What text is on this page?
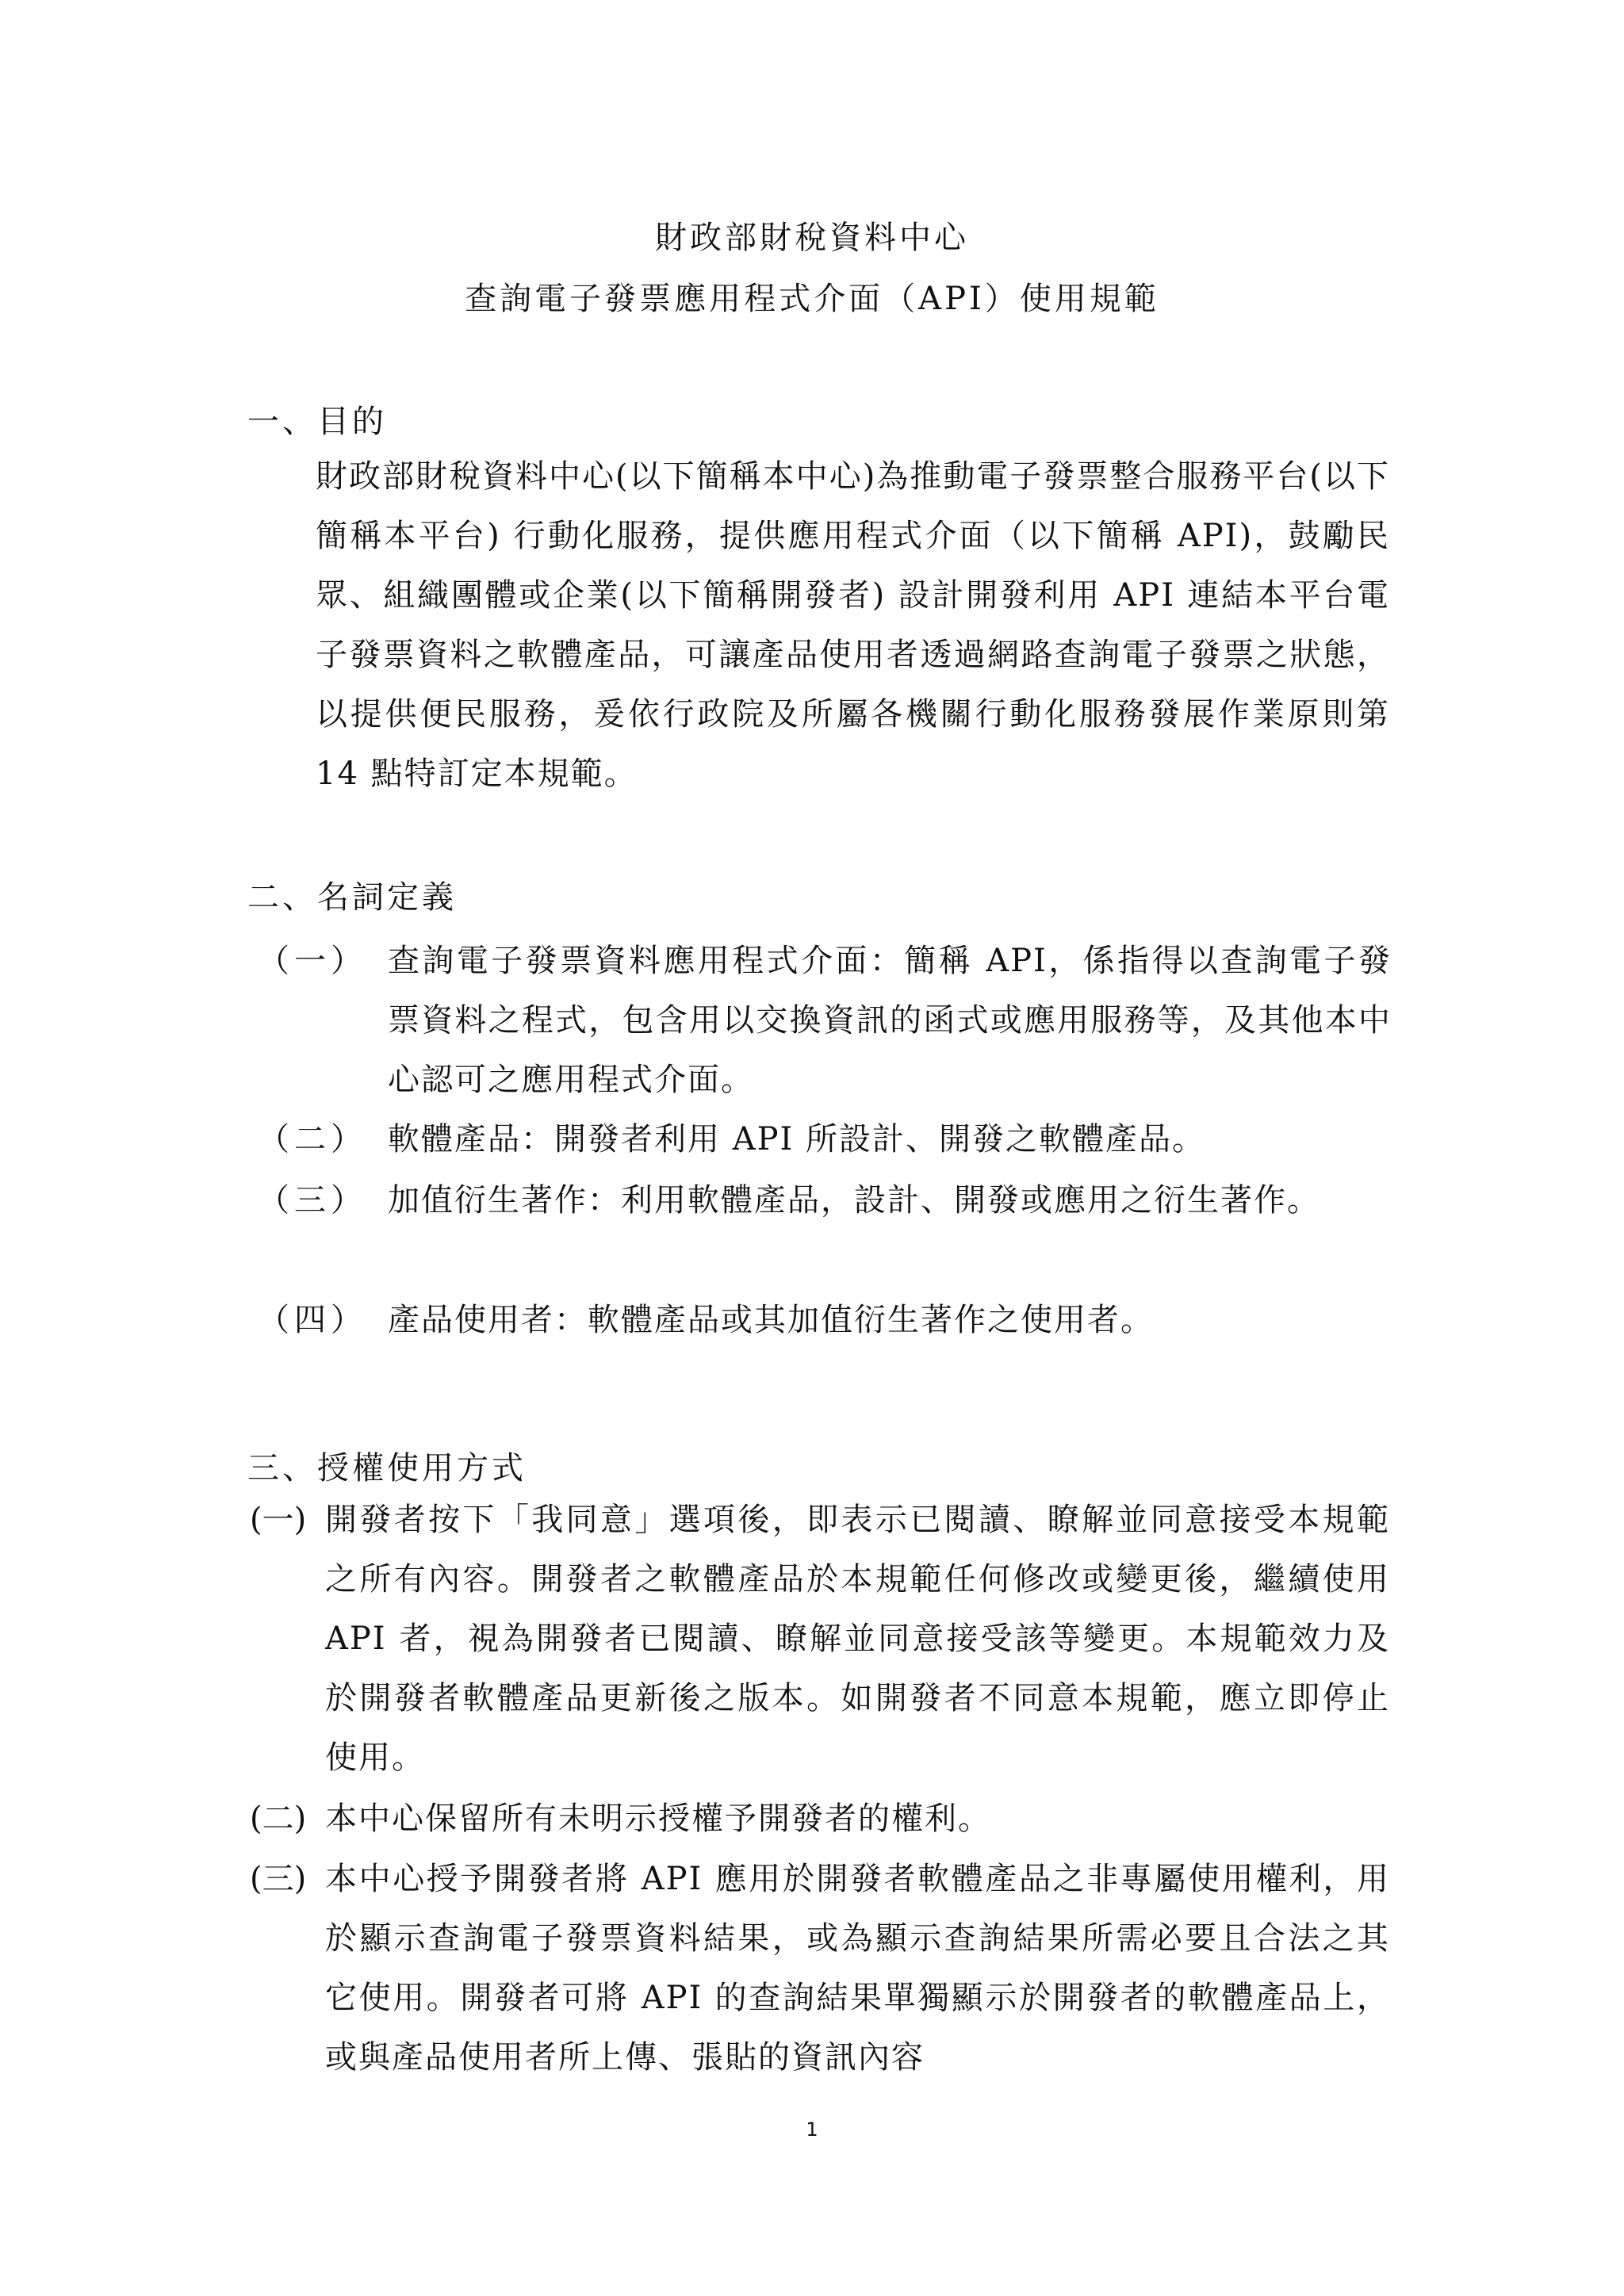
財政部財稅資料中心
查詢電子發票應用程式介面（API）使用規範
一、目的
財政部財稅資料中心(以下簡稱本中心)為推動電子發票整合服務平台(以下簡稱本平台) 行動化服務，提供應用程式介面（以下簡稱 API)，鼓勵民眾、組織團體或企業(以下簡稱開發者) 設計開發利用 API 連結本平台電子發票資料之軟體產品，可讓產品使用者透過網路查詢電子發票之狀態，以提供便民服務，爰依行政院及所屬各機關行動化服務發展作業原則第 14 點特訂定本規範。
二、名詞定義
（一） 查詢電子發票資料應用程式介面：簡稱 API，係指得以查詢電子發票資料之程式，包含用以交換資訊的函式或應用服務等，及其他本中心認可之應用程式介面。
（二） 軟體產品：開發者利用 API 所設計、開發之軟體產品。
（三） 加值衍生著作：利用軟體產品，設計、開發或應用之衍生著作。
（四） 產品使用者：軟體產品或其加值衍生著作之使用者。
三、授權使用方式
(一) 開發者按下「我同意」選項後，即表示已閱讀、瞭解並同意接受本規範之所有內容。開發者之軟體產品於本規範任何修改或變更後，繼續使用 API 者，視為開發者已閱讀、瞭解並同意接受該等變更。本規範效力及於開發者軟體產品更新後之版本。如開發者不同意本規範，應立即停止使用。
(二) 本中心保留所有未明示授權予開發者的權利。
(三) 本中心授予開發者將 API 應用於開發者軟體產品之非專屬使用權利，用於顯示查詢電子發票資料結果，或為顯示查詢結果所需必要且合法之其它使用。開發者可將 API 的查詢結果單獨顯示於開發者的軟體產品上，或與產品使用者所上傳、張貼的資訊內容
1
